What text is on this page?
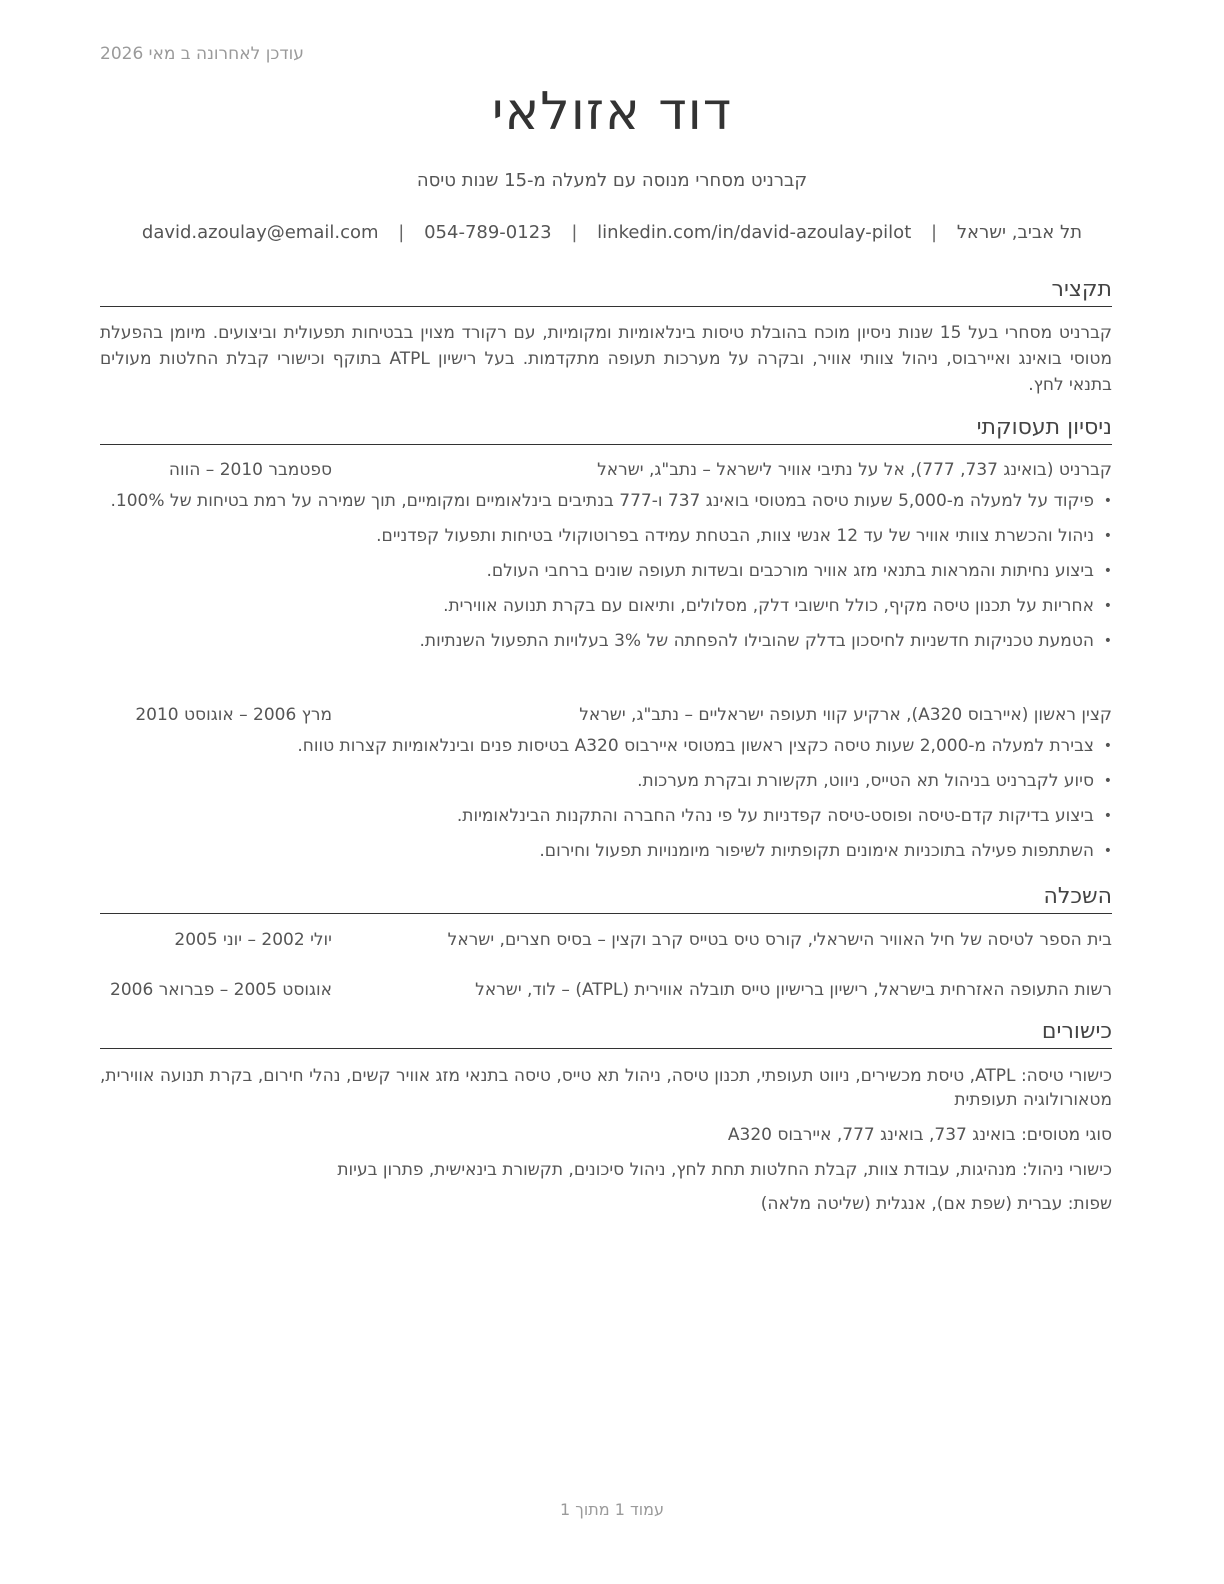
עודכן לאחרונה ב מאי 2026
דוד אזולאי
קברניט מסחרי מנוסה עם למעלה מ-15 שנות טיסה
תל אביב, ישראל | david.azoulay@email.com | 054-789-0123 | linkedin.com/in/david-azoulay-pilot
תקציר
קברניט מסחרי בעל 15 שנות ניסיון מוכח בהובלת טיסות בינלאומיות ומקומיות, עם רקורד מצוין בבטיחות תפעולית וביצועים. מיומן בהפעלת מטוסי בואינג ואיירבוס, ניהול צוותי אוויר, ובקרה על מערכות תעופה מתקדמות. בעל רישיון ATPL בתוקף וכישורי קבלת החלטות מעולים בתנאי לחץ.
ניסיון תעסוקתי
קברניט (בואינג 737, 777), אל על נתיבי אוויר לישראל – נתב"ג, ישראל
ספטמבר 2010 – הווה
• פיקוד על למעלה מ-5,000 שעות טיסה במטוסי בואינג 737 ו-777 בנתיבים בינלאומיים ומקומיים, תוך שמירה על רמת בטיחות של 100%.
• ניהול והכשרת צוותי אוויר של עד 12 אנשי צוות, הבטחת עמידה בפרוטוקולי בטיחות ותפעול קפדניים.
• ביצוע נחיתות והמראות בתנאי מזג אוויר מורכבים ובשדות תעופה שונים ברחבי העולם.
• אחריות על תכנון טיסה מקיף, כולל חישובי דלק, מסלולים, ותיאום עם בקרת תנועה אווירית.
• הטמעת טכניקות חדשניות לחיסכון בדלק שהובילו להפחתה של 3% בעלויות התפעול השנתיות.
קצין ראשון (איירבוס A320), ארקיע קווי תעופה ישראליים – נתב"ג, ישראל
מרץ 2006 – אוגוסט 2010
• צבירת למעלה מ-2,000 שעות טיסה כקצין ראשון במטוסי איירבוס A320 בטיסות פנים ובינלאומיות קצרות טווח.
• סיוע לקברניט בניהול תא הטייס, ניווט, תקשורת ובקרת מערכות.
• ביצוע בדיקות קדם-טיסה ופוסט-טיסה קפדניות על פי נהלי החברה והתקנות הבינלאומיות.
• השתתפות פעילה בתוכניות אימונים תקופתיות לשיפור מיומנויות תפעול וחירום.
השכלה
בית הספר לטיסה של חיל האוויר הישראלי, קורס טיס בטייס קרב וקצין – בסיס חצרים, ישראל
יולי 2002 – יוני 2005
רשות התעופה האזרחית בישראל, רישיון ברישיון טייס תובלה אווירית (ATPL) – לוד, ישראל
אוגוסט 2005 – פברואר 2006
כישורים
כישורי טיסה: ATPL, טיסת מכשירים, ניווט תעופתי, תכנון טיסה, ניהול תא טייס, טיסה בתנאי מזג אוויר קשים, נהלי חירום, בקרת תנועה אווירית, מטאורולוגיה תעופתית
סוגי מטוסים: בואינג 737, בואינג 777, איירבוס A320
כישורי ניהול: מנהיגות, עבודת צוות, קבלת החלטות תחת לחץ, ניהול סיכונים, תקשורת בינאישית, פתרון בעיות
שפות: עברית (שפת אם), אנגלית (שליטה מלאה)
עמוד 1 מתוך 1
